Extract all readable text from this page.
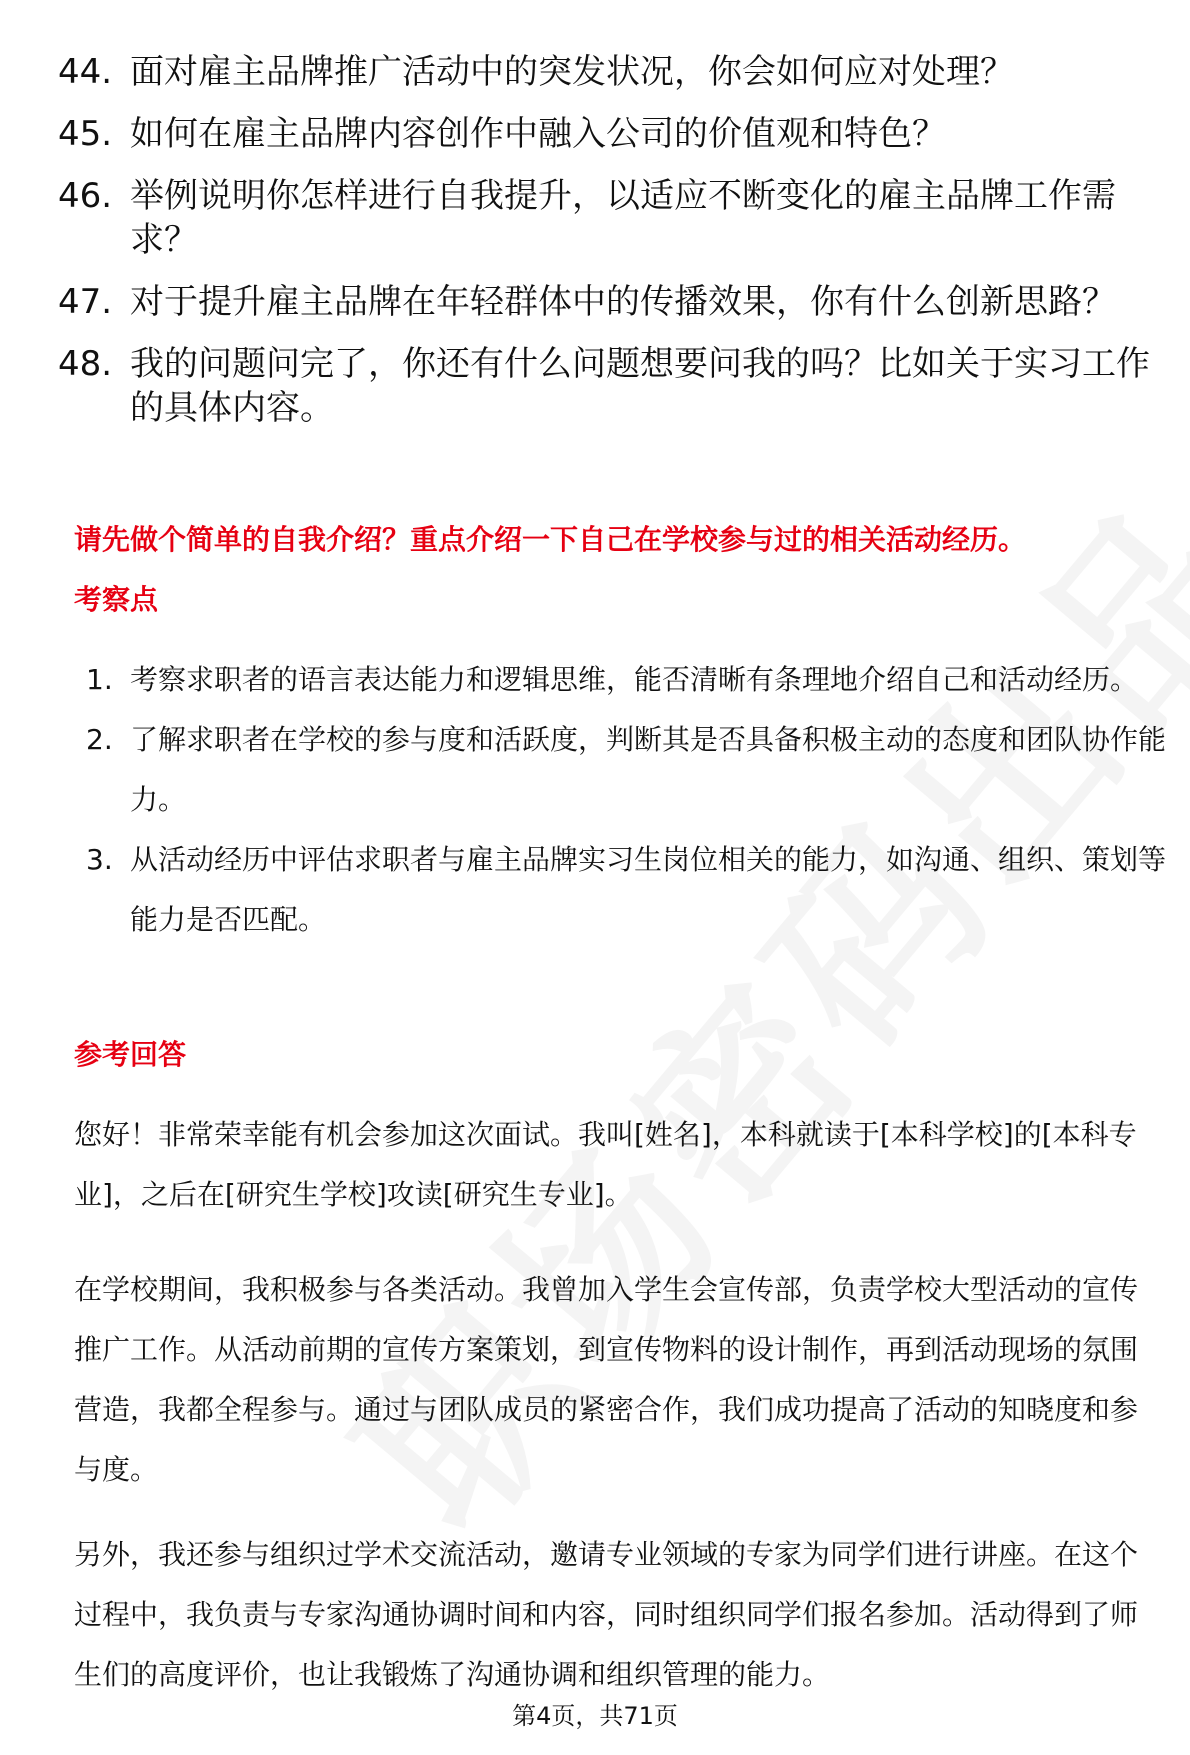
44. 面对雇主品牌推广活动中的突发状况，你会如何应对处理？
45. 如何在雇主品牌内容创作中融入公司的价值观和特色？
46. 举例说明你怎样进行自我提升，以适应不断变化的雇主品牌工作需求？
47. 对于提升雇主品牌在年轻群体中的传播效果，你有什么创新思路？
48. 我的问题问完了，你还有什么问题想要问我的吗？比如关于实习工作的具体内容。
请先做个简单的自我介绍？重点介绍一下自己在学校参与过的相关活动经历。
考察点
1. 考察求职者的语言表达能力和逻辑思维，能否清晰有条理地介绍自己和活动经历。
2. 了解求职者在学校的参与度和活跃度，判断其是否具备积极主动的态度和团队协作能力。
3. 从活动经历中评估求职者与雇主品牌实习生岗位相关的能力，如沟通、组织、策划等能力是否匹配。
参考回答

您好！非常荣幸能有机会参加这次面试。我叫[姓名]，本科就读于[本科学校]的[本科专业]，之后在[研究生学校]攻读[研究生专业]。

在学校期间，我积极参与各类活动。我曾加入学生会宣传部，负责学校大型活动的宣传推广工作。从活动前期的宣传方案策划，到宣传物料的设计制作，再到活动现场的氛围营造，我都全程参与。通过与团队成员的紧密合作，我们成功提高了活动的知晓度和参与度。

另外，我还参与组织过学术交流活动，邀请专业领域的专家为同学们进行讲座。在这个过程中，我负责与专家沟通协调时间和内容，同时组织同学们报名参加。活动得到了师生们的高度评价，也让我锻炼了沟通协调和组织管理的能力。

第4页，共71页
